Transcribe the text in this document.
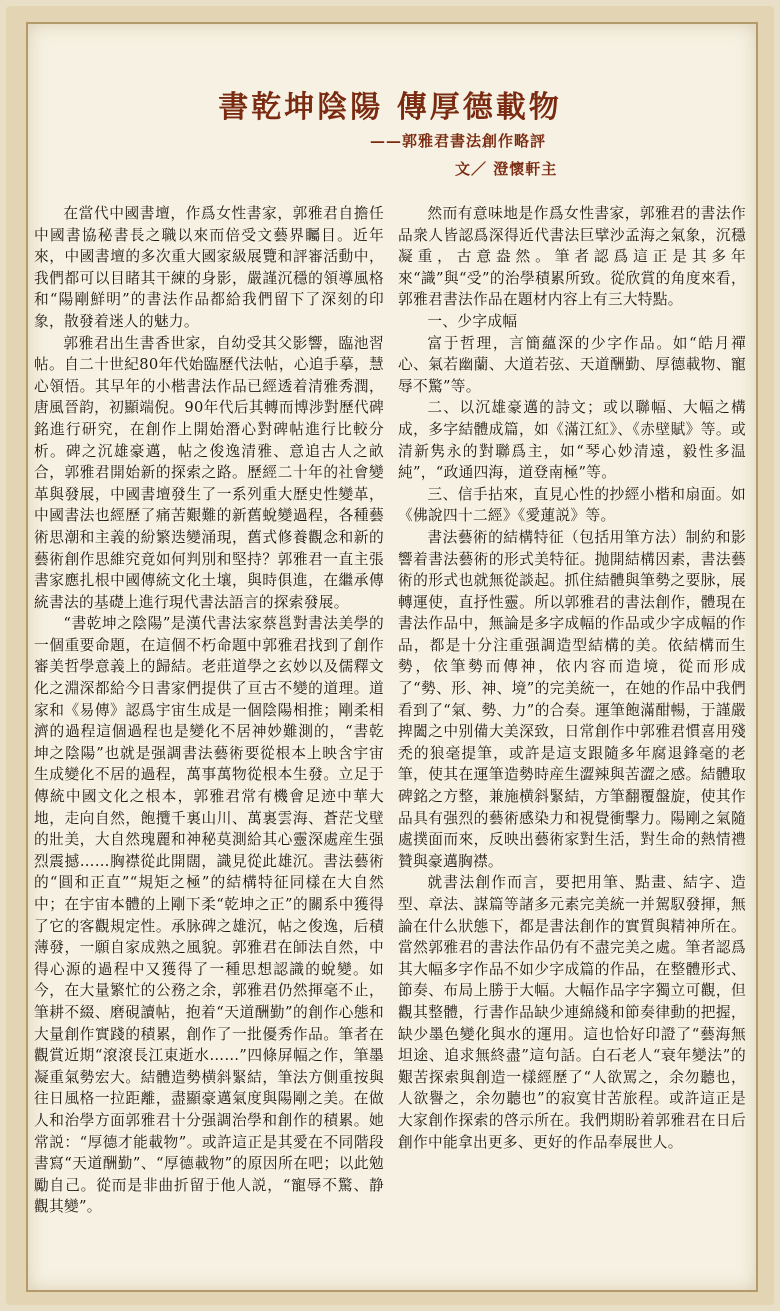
書乾坤陰陽 傳厚德載物
——郭雅君書法創作略評
文／ 澄懷軒主

在當代中國書壇，作爲女性書家，郭雅君自擔任中國書協秘書長之職以來而倍受文藝界矚目。近年來，中國書壇的多次重大國家級展覽和評審活動中，我們都可以目睹其干練的身影，嚴謹沉穩的領導風格和“陽剛鮮明”的書法作品都給我們留下了深刻的印象，散發着迷人的魅力。

郭雅君出生書香世家，自幼受其父影響，臨池習帖。自二十世紀80年代始臨歷代法帖，心追手摹，慧心領悟。其早年的小楷書法作品已經透着清雅秀潤，唐風晉韵，初顯端倪。90年代后其轉而博涉對歷代碑銘進行研究，在創作上開始潛心對碑帖進行比較分析。碑之沉雄豪邁，帖之俊逸清雅、意追古人之畝合，郭雅君開始新的探索之路。歷經二十年的社會變革與發展，中國書壇發生了一系列重大歷史性變革，中國書法也經歷了痛苦艱難的新舊蛻變過程，各種藝術思潮和主義的紛繁迭變涌現，舊式修養觀念和新的藝術創作思維究竟如何判別和堅持？郭雅君一直主張書家應扎根中國傳統文化土壤，與時俱進，在繼承傳統書法的基礎上進行現代書法語言的探索發展。

“書乾坤之陰陽”是漢代書法家蔡邕對書法美學的一個重要命題，在這個不朽命題中郭雅君找到了創作審美哲學意義上的歸結。老莊道學之玄妙以及儒釋文化之淵深都給今日書家們提供了亘古不變的道理。道家和《易傳》認爲宇宙生成是一個陰陽相推；剛柔相濟的過程這個過程也是變化不居神妙難測的，“書乾坤之陰陽”也就是强調書法藝術要從根本上映含宇宙生成變化不居的過程，萬事萬物從根本生發。立足于傳統中國文化之根本，郭雅君常有機會足迹中華大地，走向自然，飽攬千裏山川、萬裏雲海、蒼茫戈壁的壯美，大自然瑰麗和神秘莫測給其心靈深處産生强烈震撼……胸襟從此開闊，識見從此雄沉。書法藝術的“圓和正直”“規矩之極”的結構特征同樣在大自然中；在宇宙本體的上剛下柔“乾坤之正”的關系中獲得了它的客觀規定性。承脉碑之雄沉，帖之俊逸，后積薄發，一願自家成熟之風貌。郭雅君在師法自然，中得心源的過程中又獲得了一種思想認識的蛻變。如今，在大量繁忙的公務之余，郭雅君仍然揮毫不止，筆耕不綴、磨硯讀帖，抱着“天道酬勤”的創作心態和大量創作實踐的積累，創作了一批優秀作品。筆者在觀賞近期“滾滾長江東逝水……”四條屏幅之作，筆墨凝重氣勢宏大。結體造勢横斜緊結，筆法方側重按與往日風格一拉距離，盡顯豪邁氣度與陽剛之美。在做人和治學方面郭雅君十分强調治學和創作的積累。她常説：“厚德才能載物”。或許這正是其愛在不同階段書寫“天道酬勤”、“厚德載物”的原因所在吧；以此勉勵自己。從而是非曲折留于他人説，“寵辱不驚、静觀其變”。

然而有意味地是作爲女性書家，郭雅君的書法作品衆人皆認爲深得近代書法巨擘沙孟海之氣象，沉穩凝重，古意盎然。筆者認爲這正是其多年來“識”與“受”的治學積累所致。從欣賞的角度來看，郭雅君書法作品在題材内容上有三大特點。

一、少字成幅

富于哲理，言簡蘊深的少字作品。如“皓月禪心、氣若幽蘭、大道若弦、天道酬勤、厚德載物、寵辱不驚”等。

二、以沉雄豪邁的詩文；或以聯幅、大幅之構成，多字結體成篇，如《滿江紅》、《赤壁賦》等。或清新隽永的對聯爲主，如“琴心妙清遠，毅性多温純”，“政通四海，道登南極”等。

三、信手拈來，直見心性的抄經小楷和扇面。如《佛說四十二經》《愛蓮説》等。

書法藝術的結構特征（包括用筆方法）制約和影響着書法藝術的形式美特征。抛開結構因素，書法藝術的形式也就無從談起。抓住結體與筆勢之要脉，展轉運使，直抒性靈。所以郭雅君的書法創作，體現在書法作品中，無論是多字成幅的作品或少字成幅的作品，都是十分注重强調造型結構的美。依結構而生勢，依筆勢而傳神，依内容而造境，從而形成了“勢、形、神、境”的完美統一，在她的作品中我們看到了“氣、勢、力”的合奏。運筆飽滿酣暢，于謹嚴捭闔之中别備大美深致，日常創作中郭雅君慣喜用殘禿的狼毫提筆，或許是這支跟隨多年腐退鋒毫的老筆，使其在運筆造勢時産生澀辣與苦澀之感。結體取碑銘之方整，兼施横斜緊結，方筆翻覆盤旋，使其作品具有强烈的藝術感染力和視覺衝擊力。陽剛之氣隨處撲面而來，反映出藝術家對生活，對生命的熱情禮贊與豪邁胸襟。

就書法創作而言，要把用筆、點畫、結字、造型、章法、謀篇等諸多元素完美統一并駕馭發揮，無論在什么狀態下，都是書法創作的實質與精神所在。當然郭雅君的書法作品仍有不盡完美之處。筆者認爲其大幅多字作品不如少字成篇的作品，在整體形式、節奏、布局上勝于大幅。大幅作品字字獨立可觀，但觀其整體，行書作品缺少連綿綫和節奏律動的把握，缺少墨色變化與水的運用。這也恰好印證了“藝海無坦途、追求無終盡”這句話。白石老人“衰年變法”的艱苦探索與創造一樣經歷了“人欲罵之，余勿聽也，人欲譽之，余勿聽也”的寂寞甘苦旅程。或許這正是大家創作探索的啓示所在。我們期盼着郭雅君在日后創作中能拿出更多、更好的作品奉展世人。
